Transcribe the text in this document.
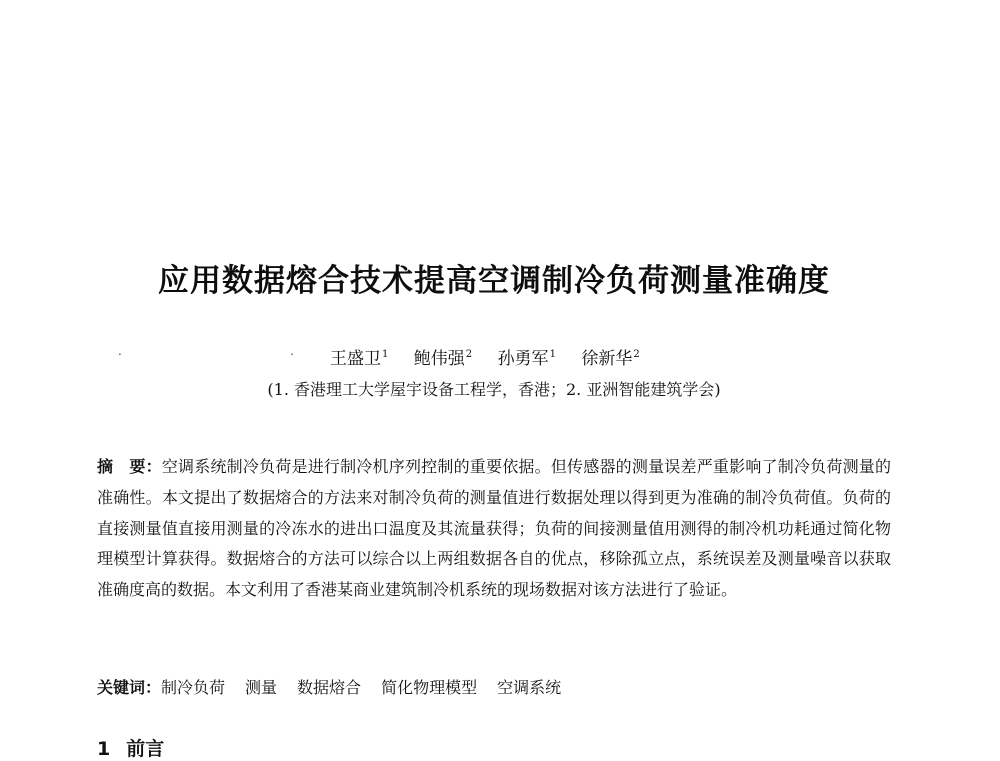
应用数据熔合技术提高空调制冷负荷测量准确度
.	. 王盛卫$^1$ 鲍伟强$^2$ 孙勇军$^1$ 徐新华$^2$
(1. 香港理工大学屋宇设备工程学，香港；2. 亚洲智能建筑学会)
摘　要：空调系统制冷负荷是进行制冷机序列控制的重要依据。但传感器的测量误差严重影响了制冷负荷测量的准确性。本文提出了数据熔合的方法来对制冷负荷的测量值进行数据处理以得到更为准确的制冷负荷值。负荷的直接测量值直接用测量的冷冻水的进出口温度及其流量获得；负荷的间接测量值用测得的制冷机功耗通过简化物理模型计算获得。数据熔合的方法可以综合以上两组数据各自的优点，移除孤立点，系统误差及测量噪音以获取准确度高的数据。本文利用了香港某商业建筑制冷机系统的现场数据对该方法进行了验证。
关键词：制冷负荷 测量 数据熔合 简化物理模型 空调系统
1 前言
